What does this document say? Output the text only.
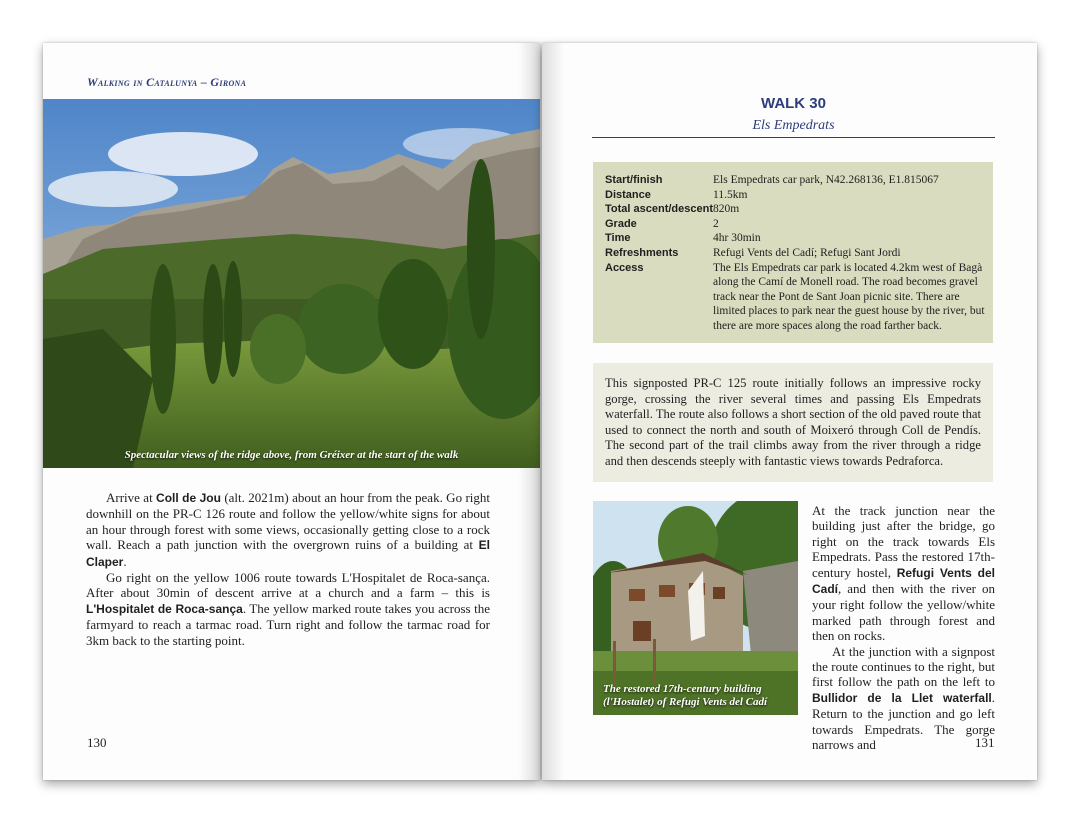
Walking in Catalunya – Girona
Spectacular views of the ridge above, from Gréixer at the start of the walk

Arrive at Coll de Jou (alt. 2021m) about an hour from the peak. Go right downhill on the PR-C 126 route and follow the yellow/white signs for about an hour through forest with some views, occasionally getting close to a rock wall. Reach a path junction with the overgrown ruins of a building at El Claper.

Go right on the yellow 1006 route towards L'Hospitalet de Roca-sança. After about 30min of descent arrive at a church and a farm – this is L'Hospitalet de Roca-sança. The yellow marked route takes you across the farmyard to reach a tarmac road. Turn right and follow the tarmac road for 3km back to the starting point.

130
WALK 30
Els Empedrats
Start/finish	Els Empedrats car park, N42.268136, E1.815067
Distance	11.5km
Total ascent/descent	820m
Grade	2
Time	4hr 30min
Refreshments	Refugi Vents del Cadí; Refugi Sant Jordi
Access	The Els Empedrats car park is located 4.2km west of Bagà along the Camí de Monell road. The road becomes gravel track near the Pont de Sant Joan picnic site. There are limited places to park near the guest house by the river, but there are more spaces along the road farther back.

This signposted PR-C 125 route initially follows an impressive rocky gorge, crossing the river several times and passing Els Empedrats waterfall. The route also follows a short section of the old paved route that used to connect the north and south of Moixeró through Coll de Pendís. The second part of the trail climbs away from the river through a ridge and then descends steeply with fantastic views towards Pedraforca.

The restored 17th-century building
(l'Hostalet) of Refugi Vents del Cadí

At the track junction near the building just after the bridge, go right on the track towards Els Empedrats. Pass the restored 17th-century hostel, Refugi Vents del Cadí, and then with the river on your right follow the yellow/white marked path through forest and then on rocks.

At the junction with a signpost the route continues to the right, but first follow the path on the left to Bullidor de la Llet waterfall. Return to the junction and go left towards Empedrats. The gorge narrows and	131
